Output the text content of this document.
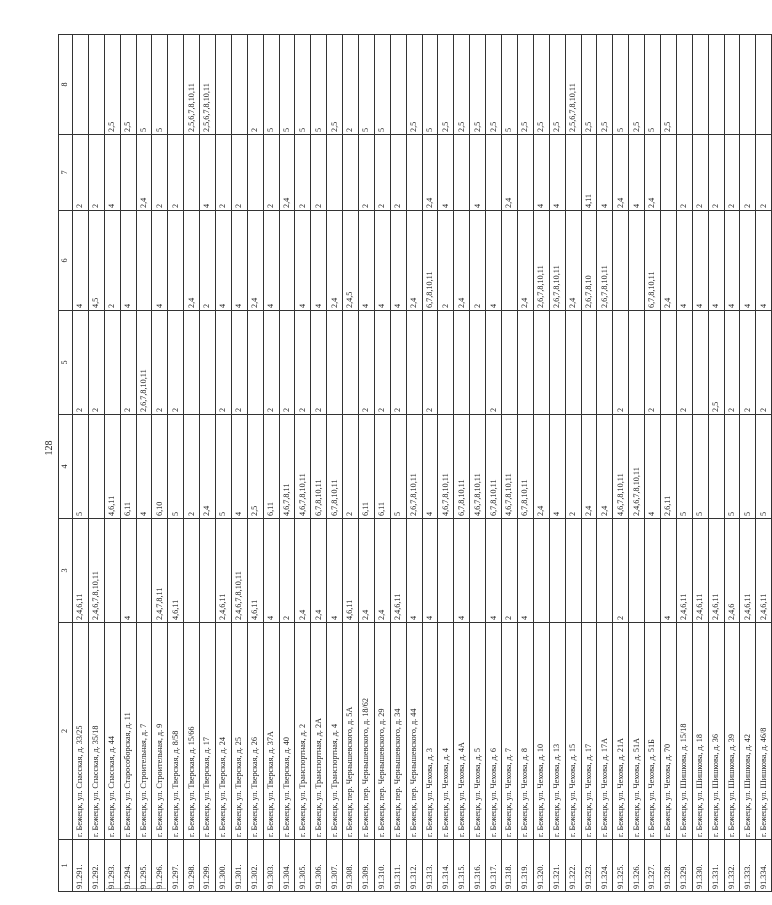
128
1	2	3	4	5	6	7	8
91.291.	г. Бежецк, ул. Спасская, д. 33/25	2,4,6,11	5	2	4	2	
91.292.	г. Бежецк, ул. Спасская, д. 35/18	2,4,6,7,8,10,11		2	4,5	2	
91.293.	г. Бежецк, ул. Спасская, д. 44		4,6,11		2	4	2,5
91.294.	г. Бежецк, ул. Старособорская, д. 11	4	6,11	2	4		2,5
91.295.	г. Бежецк, ул. Строительная, д. 7		4	2,6,7,8,10,11		2,4	5
91.296.	г. Бежецк, ул. Строительная, д. 9	2,4,7,8,11	6,10	2	4	2	5
91.297.	г. Бежецк, ул. Тверская, д. 8/58	4,6,11	5	2		2	
91.298.	г. Бежецк, ул. Тверская, д. 15/66		2		2,4		2,5,6,7,8,10,11
91.299.	г. Бежецк, ул. Тверская, д. 17		2,4		2	4	2,5,6,7,8,10,11
91.300.	г. Бежецк, ул. Тверская, д. 24	2,4,6,11	5	2	4	2	
91.301.	г. Бежецк, ул. Тверская, д. 25	2,4,6,7,8,10,11	4	2	4	2	
91.302.	г. Бежецк, ул. Тверская, д. 26	4,6,11	2,5		2,4		2
91.303.	г. Бежецк, ул. Тверская, д. 37А	4	6,11	2	4	2	5
91.304.	г. Бежецк, ул. Тверская, д. 40	2	4,6,7,8,11	2		2,4	5
91.305.	г. Бежецк, ул. Транспортная, д. 2	2,4	4,6,7,8,10,11	2	4	2	5
91.306.	г. Бежецк, ул. Транспортная, д. 2А	2,4	6,7,8,10,11	2	4	2	5
91.307.	г. Бежецк, ул. Транспортная, д. 4	4	6,7,8,10,11		2,4		2,5
91.308.	г. Бежецк, пер. Чернышевского, д. 5А	4,6,11	2		2,4,5		2
91.309.	г. Бежецк, пер. Чернышевского, д. 18/62	2,4	6,11	2	4	2	5
91.310.	г. Бежецк, пер. Чернышевского, д. 29	2,4	6,11	2	4	2	5
91.311.	г. Бежецк, пер. Чернышевского, д. 34	2,4,6,11	5	2	4	2	
91.312.	г. Бежецк, пер. Чернышевского, д. 44	4	2,6,7,8,10,11		2,4		2,5
91.313.	г. Бежецк, ул. Чехова, д. 3	4	4	2	6,7,8,10,11	2,4	5
91.314.	г. Бежецк, ул. Чехова, д. 4		4,6,7,8,10,11		2	4	2,5
91.315.	г. Бежецк, ул. Чехова, д. 4А	4	6,7,8,10,11		2,4		2,5
91.316.	г. Бежецк, ул. Чехова, д. 5		4,6,7,8,10,11		2	4	2,5
91.317.	г. Бежецк, ул. Чехова, д. 6	4	6,7,8,10,11	2	4		2,5
91.318.	г. Бежецк, ул. Чехова, д. 7	2	4,6,7,8,10,11			2,4	5
91.319.	г. Бежецк, ул. Чехова, д. 8	4	6,7,8,10,11		2,4		2,5
91.320.	г. Бежецк, ул. Чехова, д. 10		2,4		2,6,7,8,10,11	4	2,5
91.321.	г. Бежецк, ул. Чехова, д. 13		4		2,6,7,8,10,11	4	2,5
91.322.	г. Бежецк, ул. Чехова, д. 15		2		2,4		2,5,6,7,8,10,11
91.323.	г. Бежецк, ул. Чехова, д. 17		2,4		2,6,7,8,10	4,11	2,5
91.324.	г. Бежецк, ул. Чехова, д. 17А		2,4		2,6,7,8,10,11	4	2,5
91.325.	г. Бежецк, ул. Чехова, д. 21А	2	4,6,7,8,10,11	2		2,4	5
91.326.	г. Бежецк, ул. Чехова, д. 51А		2,4,6,7,8,10,11			4	2,5
91.327.	г. Бежецк, ул. Чехова, д. 51Б		4	2	6,7,8,10,11	2,4	5
91.328.	г. Бежецк, ул. Чехова, д. 70	4	2,6,11		2,4		2,5
91.329.	г. Бежецк, ул. Шишкова, д. 15/18	2,4,6,11	5	2	4	2	
91.330.	г. Бежецк, ул. Шишкова, д. 18	2,4,6,11	5		4	2	
91.331.	г. Бежецк, ул. Шишкова, д. 36	2,4,6,11		2,5	4	2	
91.332.	г. Бежецк, ул. Шишкова, д. 39	2,4,6	5	2	4	2	
91.333.	г. Бежецк, ул. Шишкова, д. 42	2,4,6,11	5	2	4	2	
91.334.	г. Бежецк, ул. Шишкова, д. 46/8	2,4,6,11	5	2	4	2	
